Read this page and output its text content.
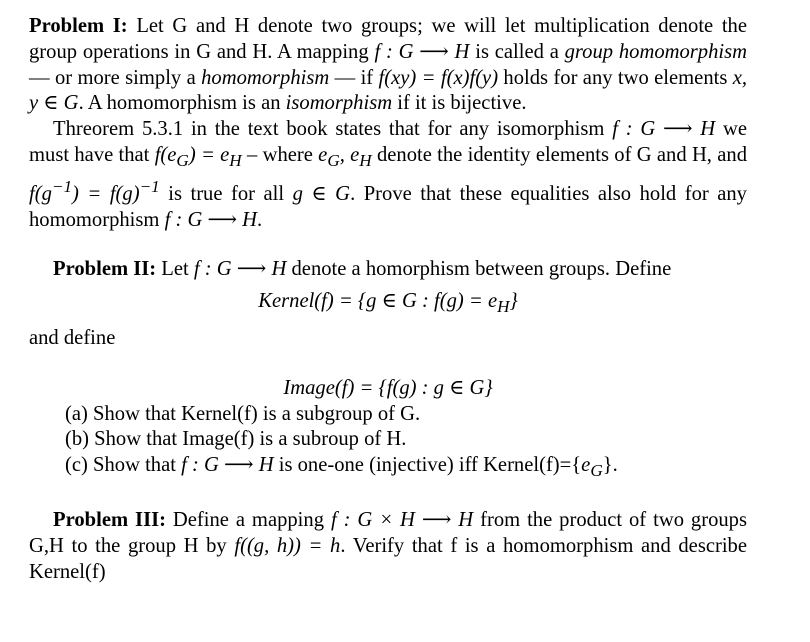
Problem I: Let G and H denote two groups; we will let multiplication denote the group operations in G and H. A mapping f : G ⟶ H is called a group homomorphism — or more simply a homomorphism — if f(xy) = f(x)f(y) holds for any two elements x, y ∈ G. A homomorphism is an isomorphism if it is bijective.

Threorem 5.3.1 in the text book states that for any isomorphism f : G ⟶ H we must have that $f(e_G) = e_H$ – where $e_G$, $e_H$ denote the identity elements of G and H, and $f(g^{-1}) = f(g)^{-1}$ is true for all g ∈ G. Prove that these equalities also hold for any homomorphism f : G ⟶ H.

Problem II: Let f : G ⟶ H denote a homorphism between groups. Define

Kernel(f) = {g ∈ G : $f(g) = e_H$}

and define

Image(f) = {f(g) : g ∈ G}

(a) Show that Kernel(f) is a subgroup of G.
(b) Show that Image(f) is a subroup of H.
(c) Show that f : G ⟶ H is one-one (injective) iff $Kernel(f)=\{e_G\}$.

Problem III: Define a mapping f : G × H ⟶ H from the product of two groups G,H to the group H by f((g, h)) = h. Verify that f is a homomorphism and describe Kernel(f)
